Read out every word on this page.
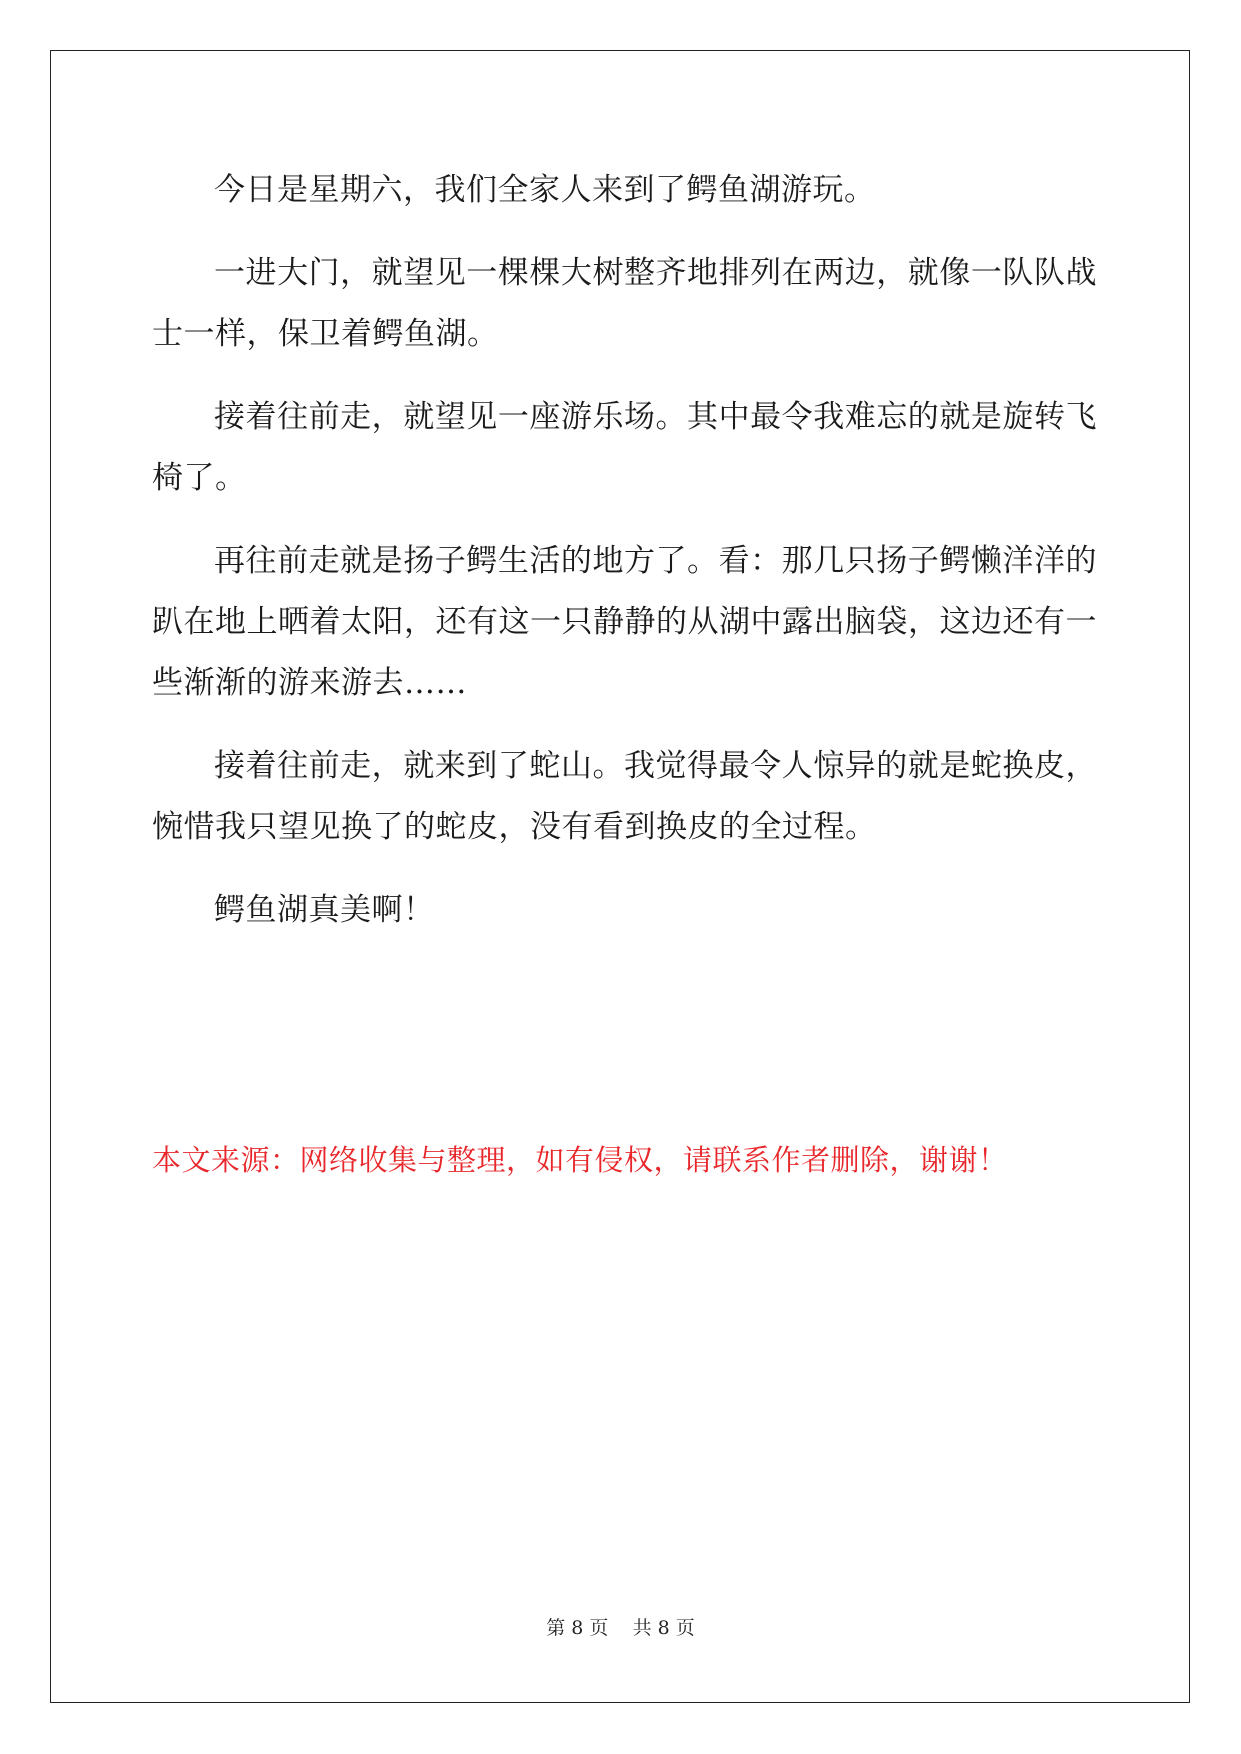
今日是星期六，我们全家人来到了鳄鱼湖游玩。

一进大门，就望见一棵棵大树整齐地排列在两边，就像一队队战士一样，保卫着鳄鱼湖。

接着往前走，就望见一座游乐场。其中最令我难忘的就是旋转飞椅了。

再往前走就是扬子鳄生活的地方了。看：那几只扬子鳄懒洋洋的趴在地上晒着太阳，还有这一只静静的从湖中露出脑袋，这边还有一些渐渐的游来游去……

接着往前走，就来到了蛇山。我觉得最令人惊异的就是蛇换皮，惋惜我只望见换了的蛇皮，没有看到换皮的全过程。

鳄鱼湖真美啊！

本文来源：网络收集与整理，如有侵权，请联系作者删除，谢谢！

第 8 页 共 8 页
